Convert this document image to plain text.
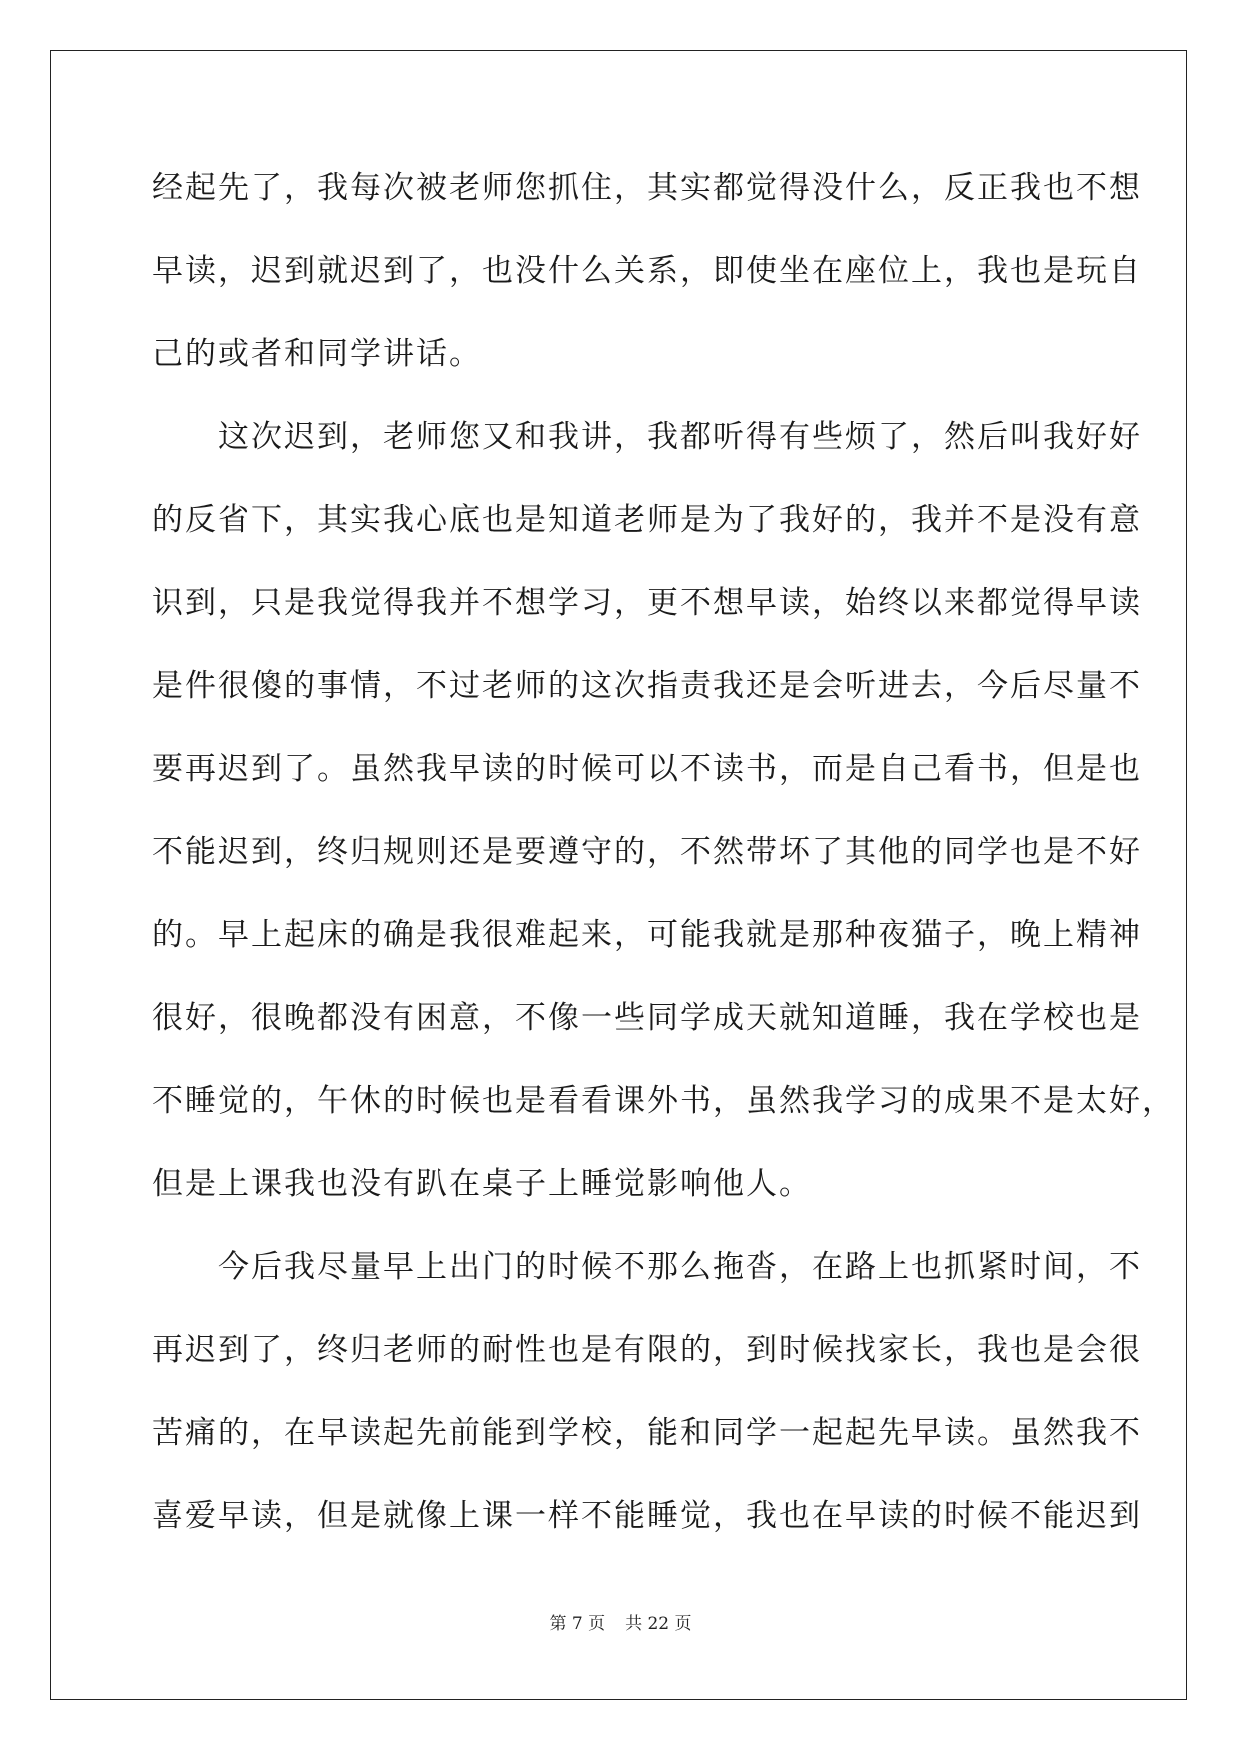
经起先了，我每次被老师您抓住，其实都觉得没什么，反正我也不想
早读，迟到就迟到了，也没什么关系，即使坐在座位上，我也是玩自
己的或者和同学讲话。
　　这次迟到，老师您又和我讲，我都听得有些烦了，然后叫我好好
的反省下，其实我心底也是知道老师是为了我好的，我并不是没有意
识到，只是我觉得我并不想学习，更不想早读，始终以来都觉得早读
是件很傻的事情，不过老师的这次指责我还是会听进去，今后尽量不
要再迟到了。虽然我早读的时候可以不读书，而是自己看书，但是也
不能迟到，终归规则还是要遵守的，不然带坏了其他的同学也是不好
的。早上起床的确是我很难起来，可能我就是那种夜猫子，晚上精神
很好，很晚都没有困意，不像一些同学成天就知道睡，我在学校也是
不睡觉的，午休的时候也是看看课外书，虽然我学习的成果不是太好，
但是上课我也没有趴在桌子上睡觉影响他人。
　　今后我尽量早上出门的时候不那么拖沓，在路上也抓紧时间，不
再迟到了，终归老师的耐性也是有限的，到时候找家长，我也是会很
苦痛的，在早读起先前能到学校，能和同学一起起先早读。虽然我不
喜爱早读，但是就像上课一样不能睡觉，我也在早读的时候不能迟到
第 7 页 共 22 页
